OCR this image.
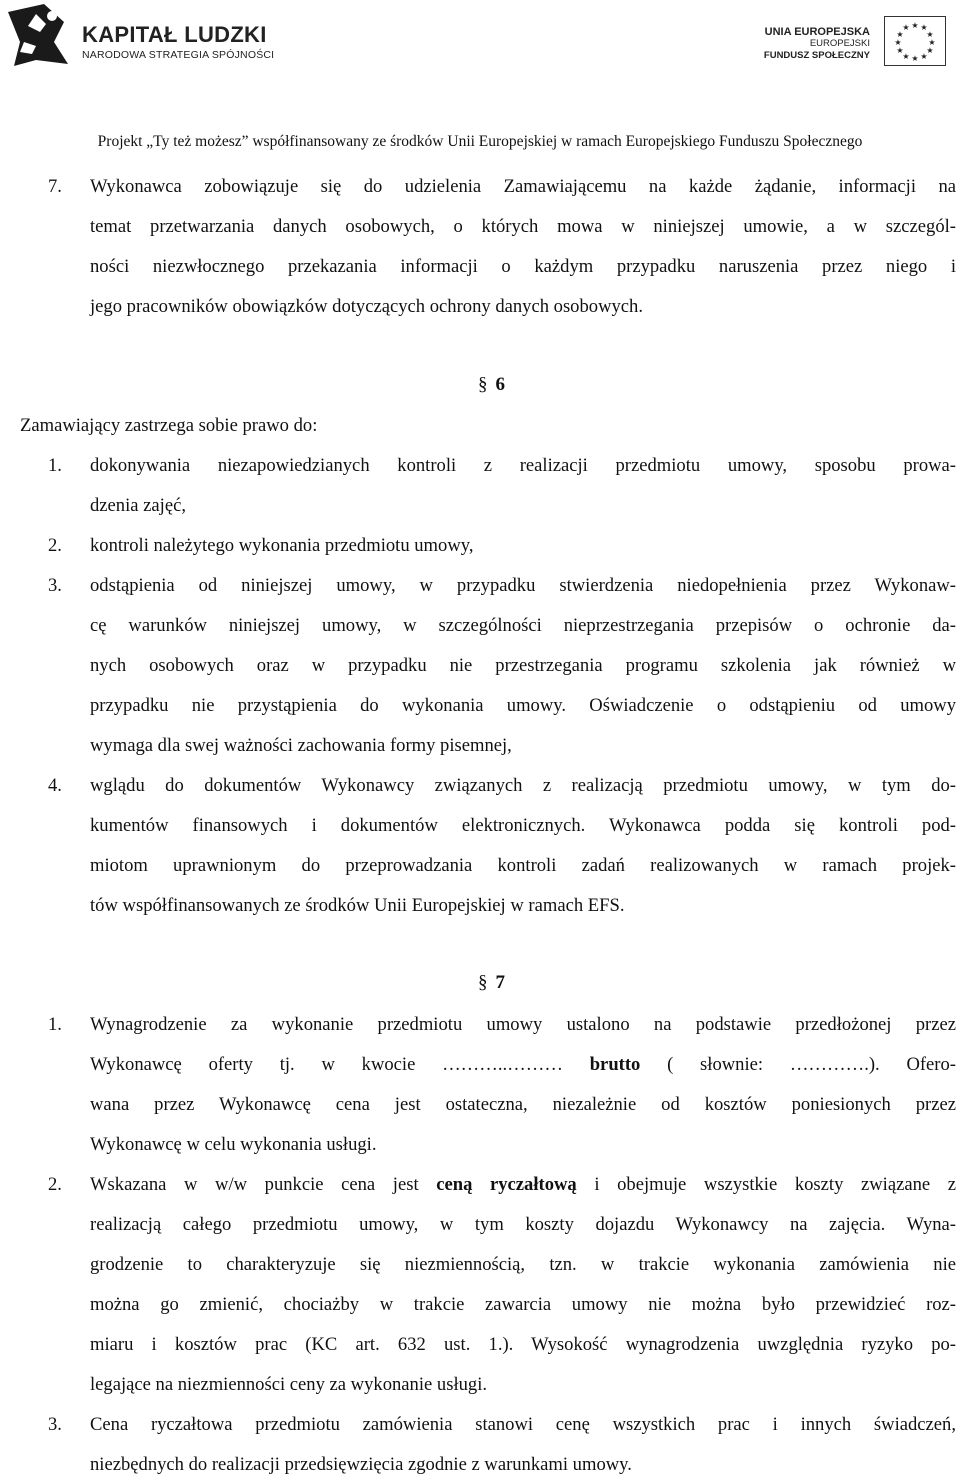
KAPITAŁ LUDZKI
NARODOWA STRATEGIA SPÓJNOŚCI
UNIA EUROPEJSKA
EUROPEJSKI
FUNDUSZ SPOŁECZNY
★ ★
★
★
★
★
★
★
★
★
★
★
Projekt „Ty też możesz” współfinansowany ze środków Unii Europejskiej w ramach Europejskiego Funduszu Społecznego
7. Wykonawca zobowiązuje się do udzielenia Zamawiającemu na każde żądanie, informacji na
temat przetwarzania danych osobowych, o których mowa w niniejszej umowie, a w szczegól-
ności niezwłocznego przekazania informacji o każdym przypadku naruszenia przez niego i
jego pracowników obowiązków dotyczących ochrony danych osobowych.
§ 6
Zamawiający zastrzega sobie prawo do:
1. dokonywania niezapowiedzianych kontroli z realizacji przedmiotu umowy, sposobu prowa-
dzenia zajęć,
2. kontroli należytego wykonania przedmiotu umowy,
3. odstąpienia od niniejszej umowy, w przypadku stwierdzenia niedopełnienia przez Wykonaw-
cę warunków niniejszej umowy, w szczególności nieprzestrzegania przepisów o ochronie da-
nych osobowych oraz w przypadku nie przestrzegania programu szkolenia jak również w
przypadku nie przystąpienia do wykonania umowy. Oświadczenie o odstąpieniu od umowy
wymaga dla swej ważności zachowania formy pisemnej,
4. wglądu do dokumentów Wykonawcy związanych z realizacją przedmiotu umowy, w tym do-
kumentów finansowych i dokumentów elektronicznych. Wykonawca podda się kontroli pod-
miotom uprawnionym do przeprowadzania kontroli zadań realizowanych w ramach projek-
tów współfinansowanych ze środków Unii Europejskiej w ramach EFS.
§ 7
1. Wynagrodzenie za wykonanie przedmiotu umowy ustalono na podstawie przedłożonej przez
Wykonawcę oferty tj. w kwocie ………..……… brutto ( słownie: ………….). Ofero-
wana przez Wykonawcę cena jest ostateczna, niezależnie od kosztów poniesionych przez
Wykonawcę w celu wykonania usługi.
2. Wskazana w w/w punkcie cena jest ceną ryczałtową i obejmuje wszystkie koszty związane z
realizacją całego przedmiotu umowy, w tym koszty dojazdu Wykonawcy na zajęcia. Wyna-
grodzenie to charakteryzuje się niezmiennością, tzn. w trakcie wykonania zamówienia nie
można go zmienić, chociażby w trakcie zawarcia umowy nie można było przewidzieć roz-
miaru i kosztów prac (KC art. 632 ust. 1.). Wysokość wynagrodzenia uwzględnia ryzyko po-
legające na niezmienności ceny za wykonanie usługi.
3. Cena ryczałtowa przedmiotu zamówienia stanowi cenę wszystkich prac i innych świadczeń,
niezbędnych do realizacji przedsięwzięcia zgodnie z warunkami umowy.
